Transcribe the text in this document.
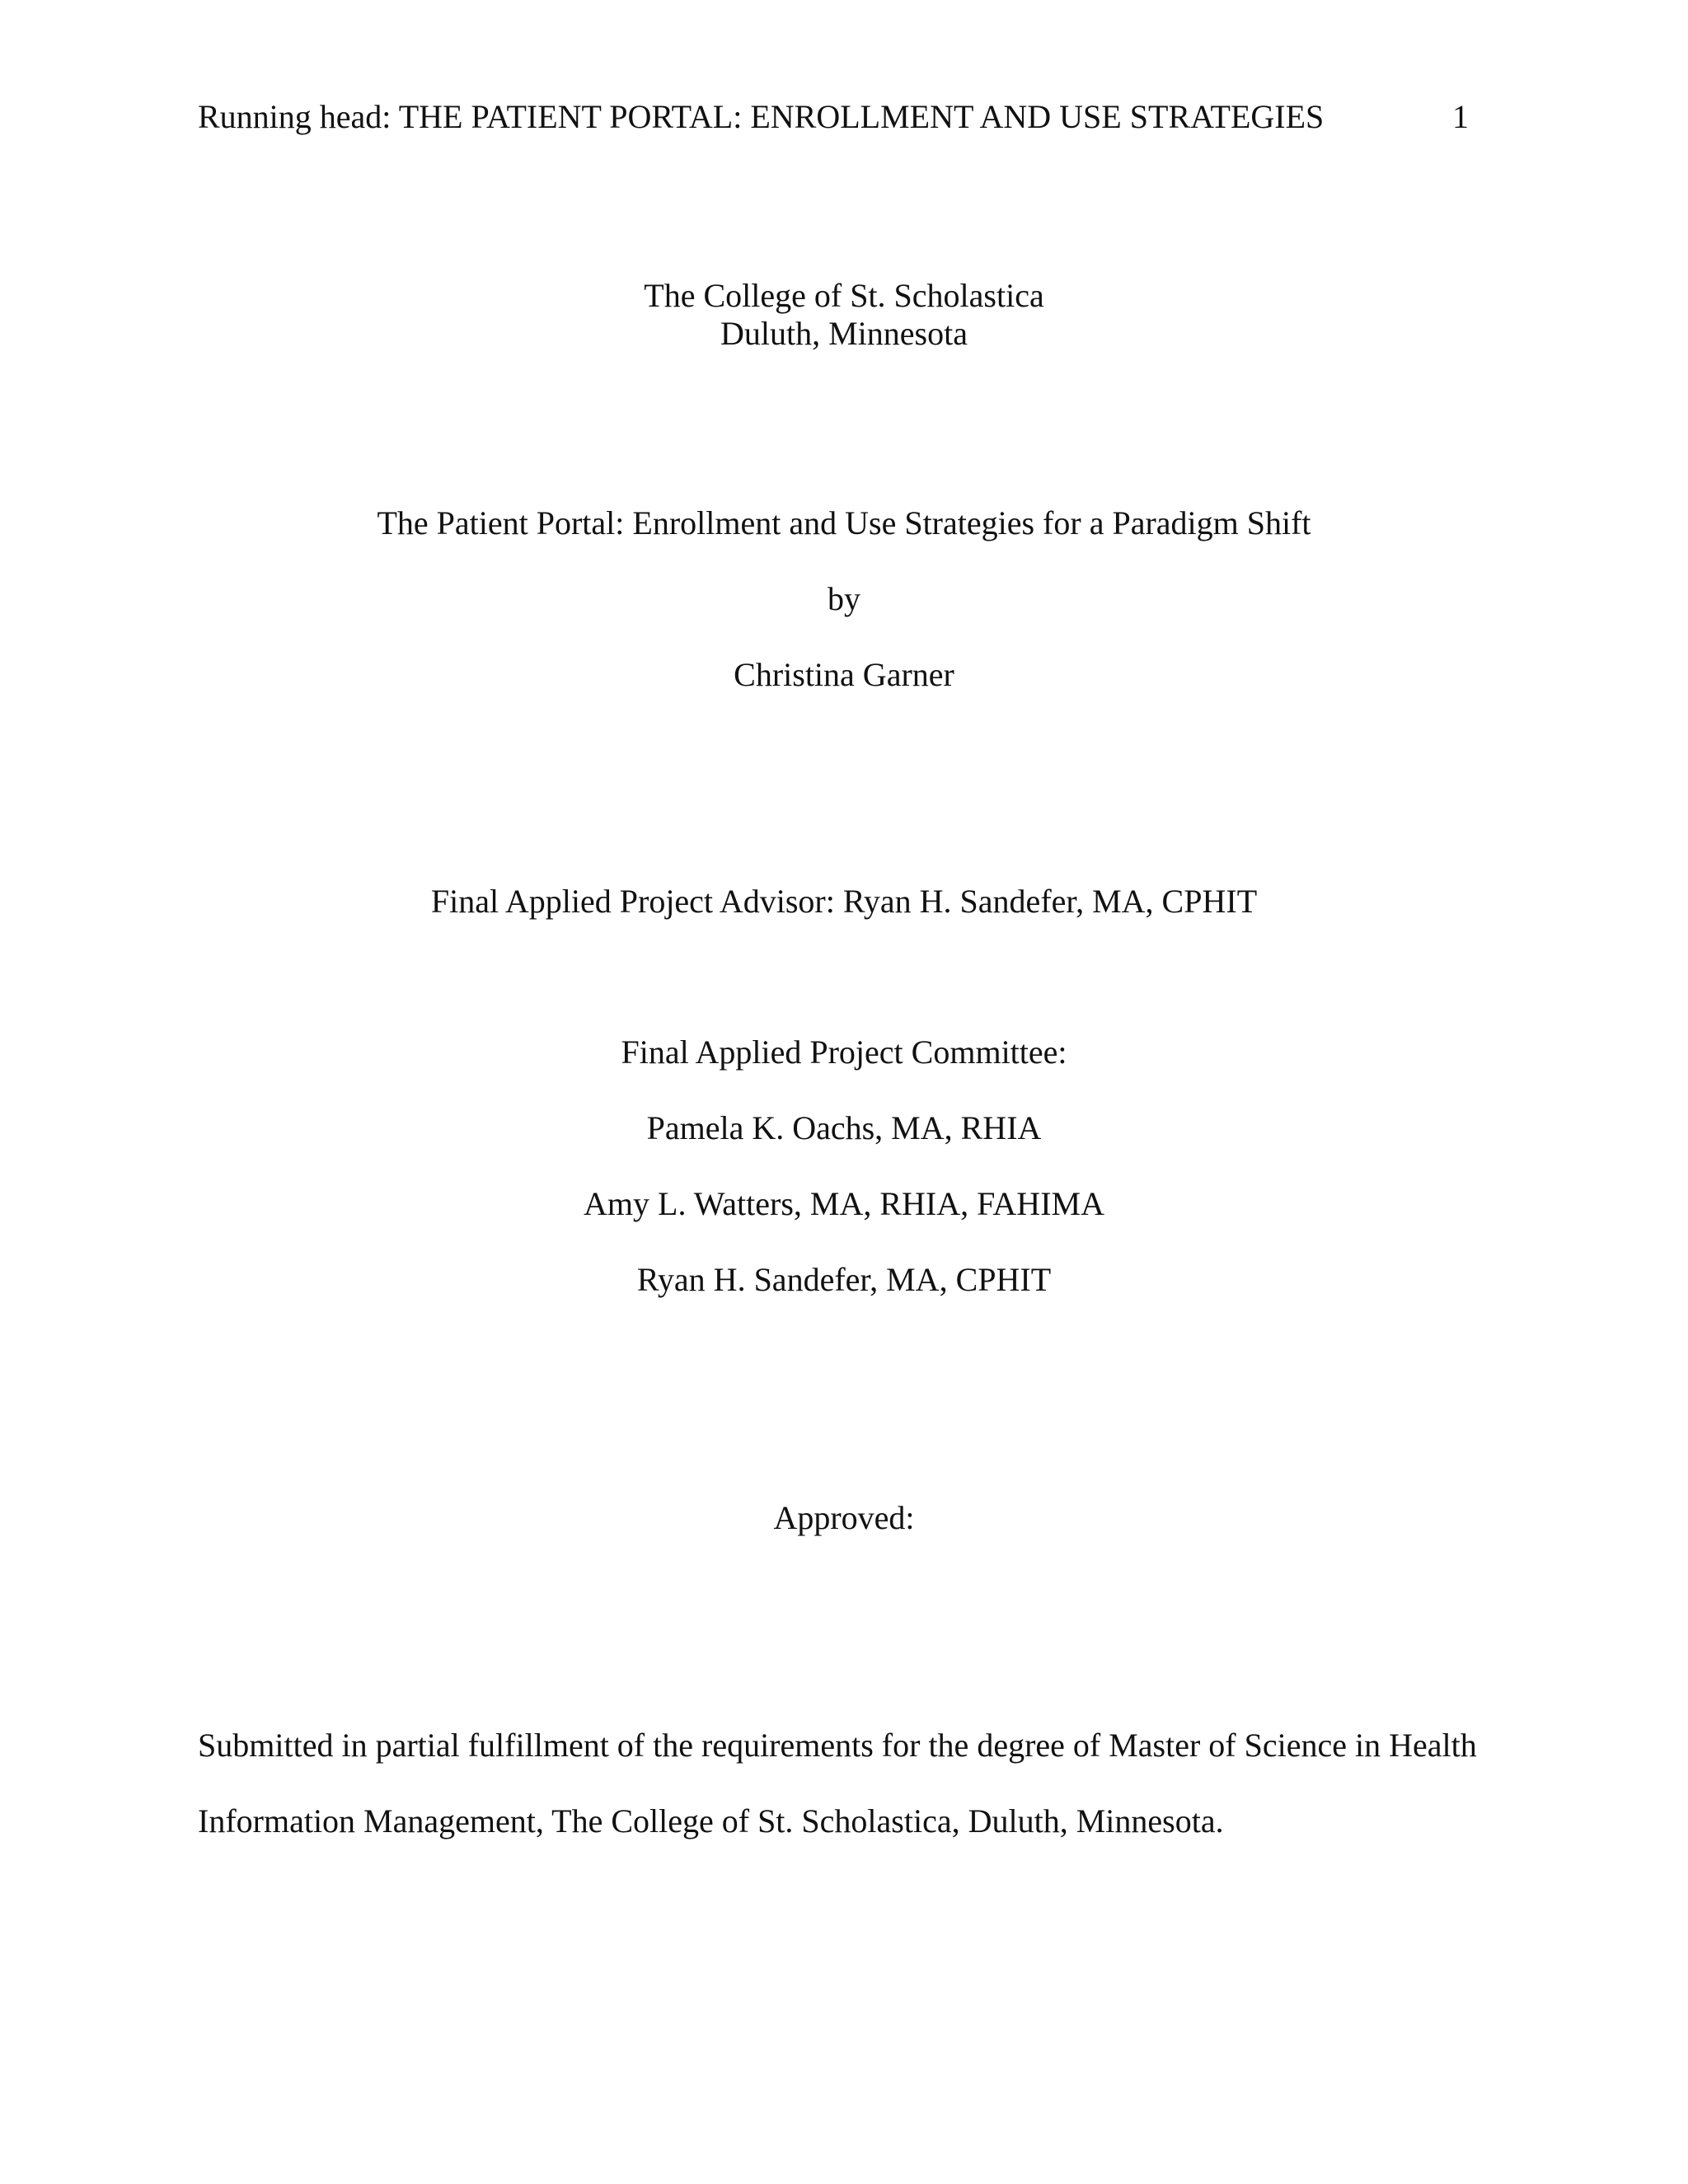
Running head: THE PATIENT PORTAL: ENROLLMENT AND USE STRATEGIES	1
The College of St. Scholastica
Duluth, Minnesota
The Patient Portal: Enrollment and Use Strategies for a Paradigm Shift
by
Christina Garner
Final Applied Project Advisor: Ryan H. Sandefer, MA, CPHIT
Final Applied Project Committee:
Pamela K. Oachs, MA, RHIA
Amy L. Watters, MA, RHIA, FAHIMA
Ryan H. Sandefer, MA, CPHIT
Approved:
Submitted in partial fulfillment of the requirements for the degree of Master of Science in Health
Information Management, The College of St. Scholastica, Duluth, Minnesota.
